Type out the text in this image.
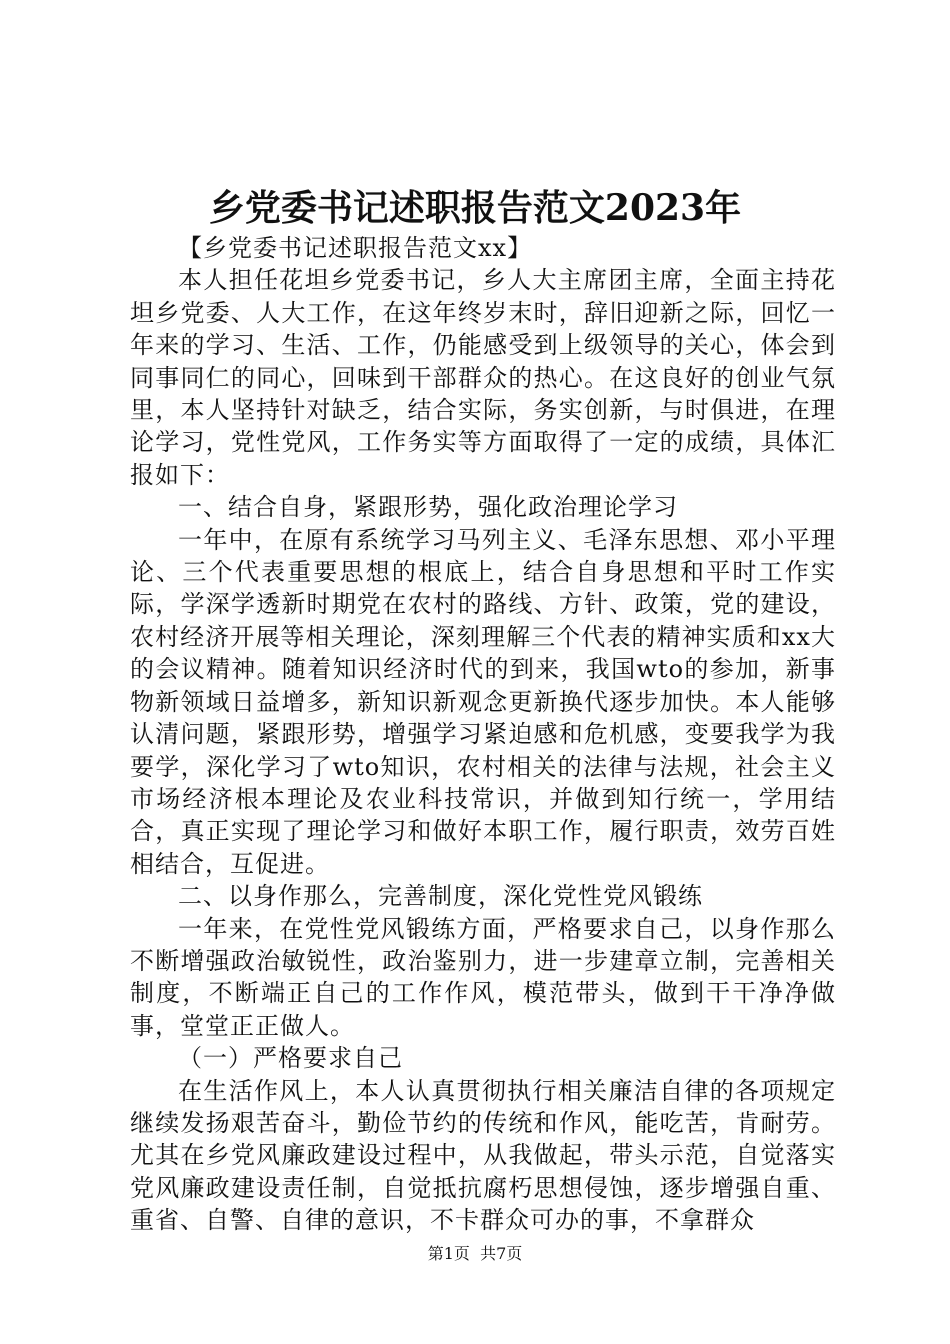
乡党委书记述职报告范文2023年

【乡党委书记述职报告范文xx】

本人担任花坦乡党委书记，乡人大主席团主席，全面主持花坦乡党委、人大工作，在这年终岁末时，辞旧迎新之际，回忆一年来的学习、生活、工作，仍能感受到上级领导的关心，体会到同事同仁的同心，回味到干部群众的热心。在这良好的创业气氛里，本人坚持针对缺乏，结合实际，务实创新，与时俱进，在理论学习，党性党风，工作务实等方面取得了一定的成绩，具体汇报如下：

一、结合自身，紧跟形势，强化政治理论学习

一年中，在原有系统学习马列主义、毛泽东思想、邓小平理论、三个代表重要思想的根底上，结合自身思想和平时工作实际，学深学透新时期党在农村的路线、方针、政策，党的建设，农村经济开展等相关理论，深刻理解三个代表的精神实质和xx大的会议精神。随着知识经济时代的到来，我国wto的参加，新事物新领域日益增多，新知识新观念更新换代逐步加快。本人能够认清问题，紧跟形势，增强学习紧迫感和危机感，变要我学为我要学，深化学习了wto知识，农村相关的法律与法规，社会主义市场经济根本理论及农业科技常识，并做到知行统一，学用结合，真正实现了理论学习和做好本职工作，履行职责，效劳百姓相结合，互促进。

二、以身作那么，完善制度，深化党性党风锻练

一年来，在党性党风锻练方面，严格要求自己，以身作那么不断增强政治敏锐性，政治鉴别力，进一步建章立制，完善相关制度，不断端正自己的工作作风，模范带头，做到干干净净做事，堂堂正正做人。

（一）严格要求自己

在生活作风上，本人认真贯彻执行相关廉洁自律的各项规定继续发扬艰苦奋斗，勤俭节约的传统和作风，能吃苦，肯耐劳。尤其在乡党风廉政建设过程中，从我做起，带头示范，自觉落实党风廉政建设责任制，自觉抵抗腐朽思想侵蚀，逐步增强自重、重省、自警、自律的意识，不卡群众可办的事，不拿群众

第1页 共7页
